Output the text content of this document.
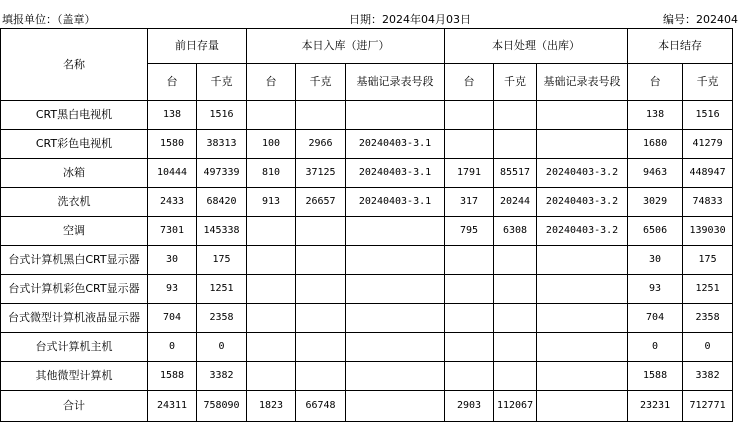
填报单位：（盖章）	日期：2024年04月03日	编号：202404
名称	前日存量		本日入库（进厂）			本日处理（出库）			本日结存	
	台	千克	台	千克	基础记录表号段	台	千克	基础记录表号段	台	千克
CRT黑白电视机	138	1516							138	1516
CRT彩色电视机	1580	38313	100	2966	20240403-3.1				1680	41279
冰箱	10444	497339	810	37125	20240403-3.1	1791	85517	20240403-3.2	9463	448947
洗衣机	2433	68420	913	26657	20240403-3.1	317	20244	20240403-3.2	3029	74833
空调	7301	145338				795	6308	20240403-3.2	6506	139030
台式计算机黑白CRT显示器	30	175							30	175
台式计算机彩色CRT显示器	93	1251							93	1251
台式微型计算机液晶显示器	704	2358							704	2358
台式计算机主机	0	0							0	0
其他微型计算机	1588	3382							1588	3382
合计	24311	758090	1823	66748		2903	112067		23231	712771
